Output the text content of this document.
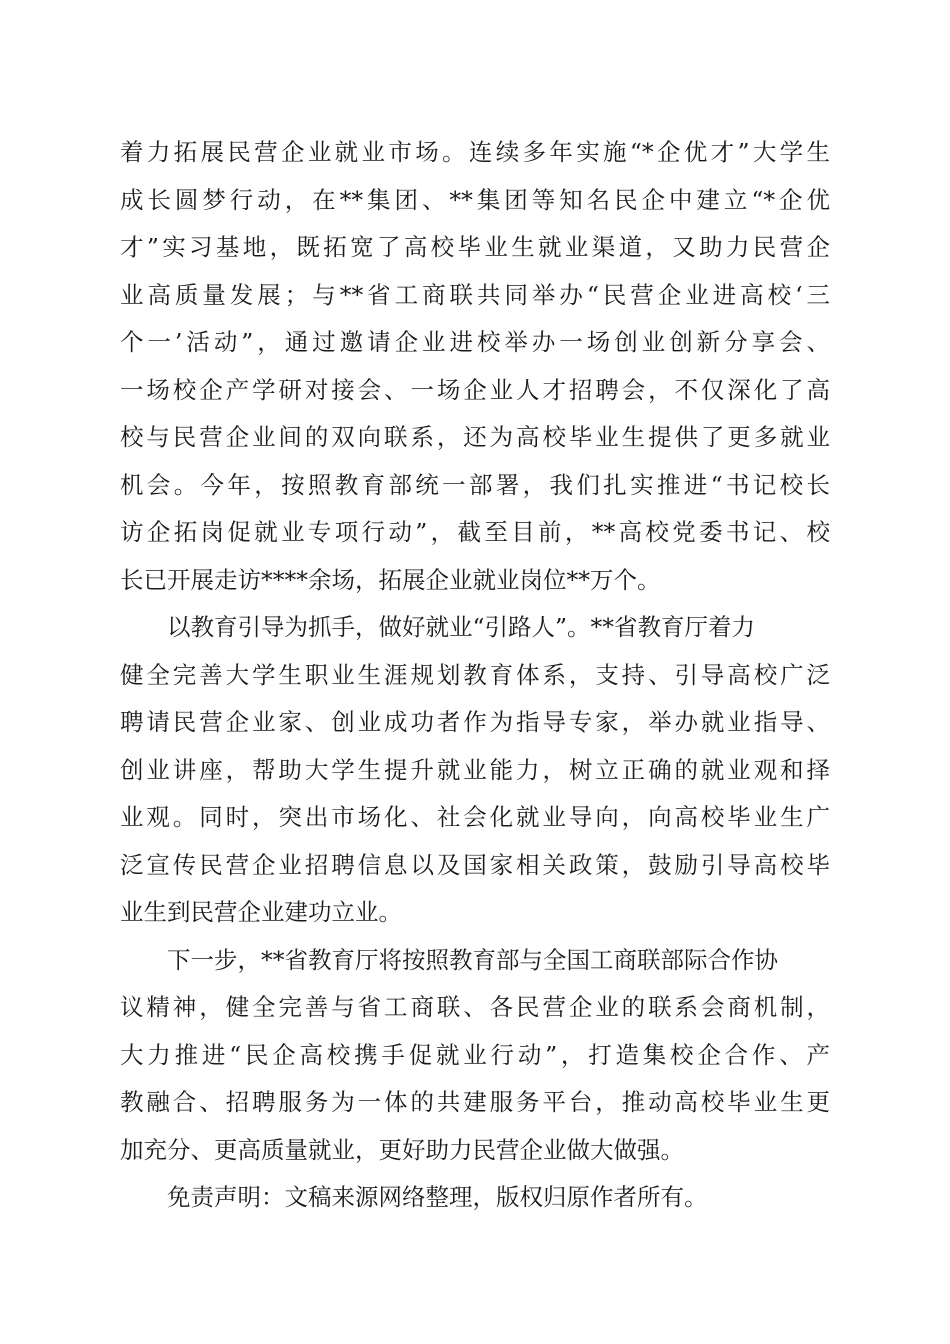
着力拓展民营企业就业市场。连续多年实施“*企优才”大学生
成长圆梦行动，在**集团、**集团等知名民企中建立“*企优
才”实习基地，既拓宽了高校毕业生就业渠道，又助力民营企
业高质量发展；与**省工商联共同举办“民营企业进高校‘三
个一’活动”，通过邀请企业进校举办一场创业创新分享会、
一场校企产学研对接会、一场企业人才招聘会，不仅深化了高
校与民营企业间的双向联系，还为高校毕业生提供了更多就业
机会。今年，按照教育部统一部署，我们扎实推进“书记校长
访企拓岗促就业专项行动”，截至目前，**高校党委书记、校
长已开展走访****余场，拓展企业就业岗位**万个。
以教育引导为抓手，做好就业“引路人”。**省教育厅着力
健全完善大学生职业生涯规划教育体系，支持、引导高校广泛
聘请民营企业家、创业成功者作为指导专家，举办就业指导、
创业讲座，帮助大学生提升就业能力，树立正确的就业观和择
业观。同时，突出市场化、社会化就业导向，向高校毕业生广
泛宣传民营企业招聘信息以及国家相关政策，鼓励引导高校毕
业生到民营企业建功立业。
下一步，**省教育厅将按照教育部与全国工商联部际合作协
议精神，健全完善与省工商联、各民营企业的联系会商机制，
大力推进“民企高校携手促就业行动”，打造集校企合作、产
教融合、招聘服务为一体的共建服务平台，推动高校毕业生更
加充分、更高质量就业，更好助力民营企业做大做强。
免责声明：文稿来源网络整理，版权归原作者所有。
